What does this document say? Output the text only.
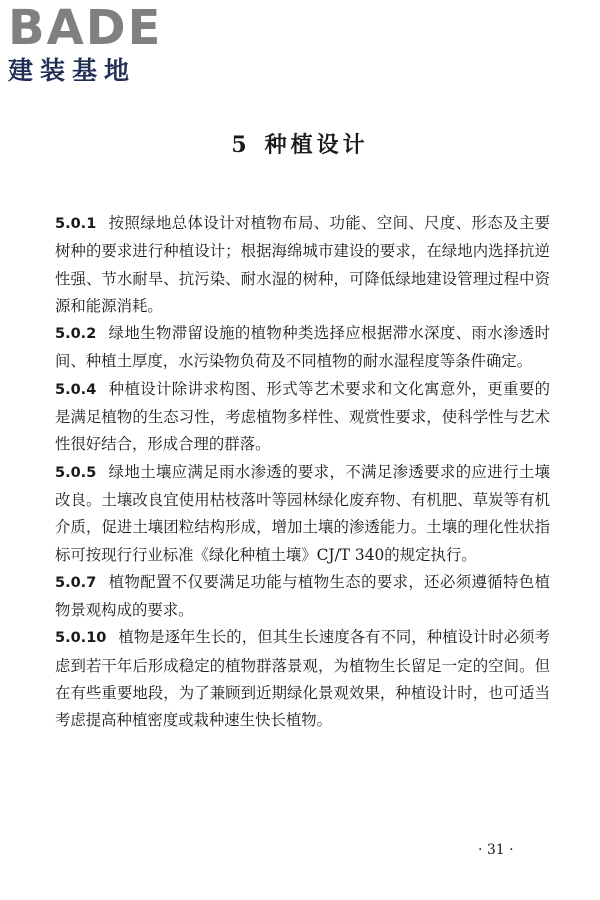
BADE
建装基地
5 种植设计

5.0.1 按照绿地总体设计对植物布局、功能、空间、尺度、形态及主要树种的要求进行种植设计；根据海绵城市建设的要求，在绿地内选择抗逆性强、节水耐旱、抗污染、耐水湿的树种，可降低绿地建设管理过程中资源和能源消耗。

5.0.2 绿地生物滞留设施的植物种类选择应根据滞水深度、雨水渗透时间、种植土厚度，水污染物负荷及不同植物的耐水湿程度等条件确定。

5.0.4 种植设计除讲求构图、形式等艺术要求和文化寓意外，更重要的是满足植物的生态习性，考虑植物多样性、观赏性要求，使科学性与艺术性很好结合，形成合理的群落。

5.0.5 绿地土壤应满足雨水渗透的要求，不满足渗透要求的应进行土壤改良。土壤改良宜使用枯枝落叶等园林绿化废弃物、有机肥、草炭等有机介质，促进土壤团粒结构形成，增加土壤的渗透能力。土壤的理化性状指标可按现行行业标准《绿化种植土壤》CJ/T 340的规定执行。

5.0.7 植物配置不仅要满足功能与植物生态的要求，还必须遵循特色植物景观构成的要求。

5.0.10 植物是逐年生长的，但其生长速度各有不同，种植设计时必须考虑到若干年后形成稳定的植物群落景观，为植物生长留足一定的空间。但在有些重要地段，为了兼顾到近期绿化景观效果，种植设计时，也可适当考虑提高种植密度或栽种速生快长植物。

· 31 ·
